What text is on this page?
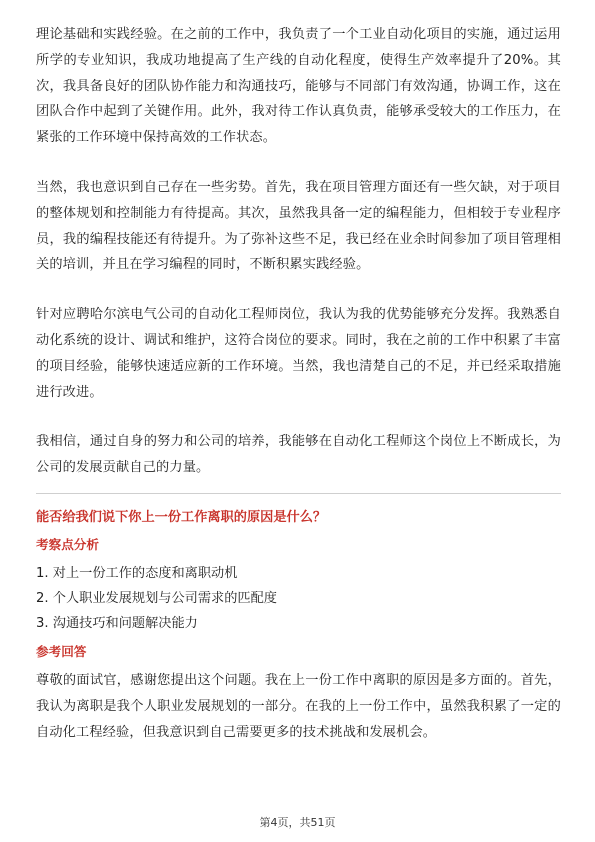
理论基础和实践经验。在之前的工作中，我负责了一个工业自动化项目的实施，通过运用所学的专业知识，我成功地提高了生产线的自动化程度，使得生产效率提升了20%。其次，我具备良好的团队协作能力和沟通技巧，能够与不同部门有效沟通，协调工作，这在团队合作中起到了关键作用。此外，我对待工作认真负责，能够承受较大的工作压力，在紧张的工作环境中保持高效的工作状态。

当然，我也意识到自己存在一些劣势。首先，我在项目管理方面还有一些欠缺，对于项目的整体规划和控制能力有待提高。其次，虽然我具备一定的编程能力，但相较于专业程序员，我的编程技能还有待提升。为了弥补这些不足，我已经在业余时间参加了项目管理相关的培训，并且在学习编程的同时，不断积累实践经验。

针对应聘哈尔滨电气公司的自动化工程师岗位，我认为我的优势能够充分发挥。我熟悉自动化系统的设计、调试和维护，这符合岗位的要求。同时，我在之前的工作中积累了丰富的项目经验，能够快速适应新的工作环境。当然，我也清楚自己的不足，并已经采取措施进行改进。

我相信，通过自身的努力和公司的培养，我能够在自动化工程师这个岗位上不断成长，为公司的发展贡献自己的力量。

能否给我们说下你上一份工作离职的原因是什么？
考察点分析
1. 对上一份工作的态度和离职动机
2. 个人职业发展规划与公司需求的匹配度
3. 沟通技巧和问题解决能力
参考回答

尊敬的面试官，感谢您提出这个问题。我在上一份工作中离职的原因是多方面的。首先，我认为离职是我个人职业发展规划的一部分。在我的上一份工作中，虽然我积累了一定的自动化工程经验，但我意识到自己需要更多的技术挑战和发展机会。

第4页，共51页
